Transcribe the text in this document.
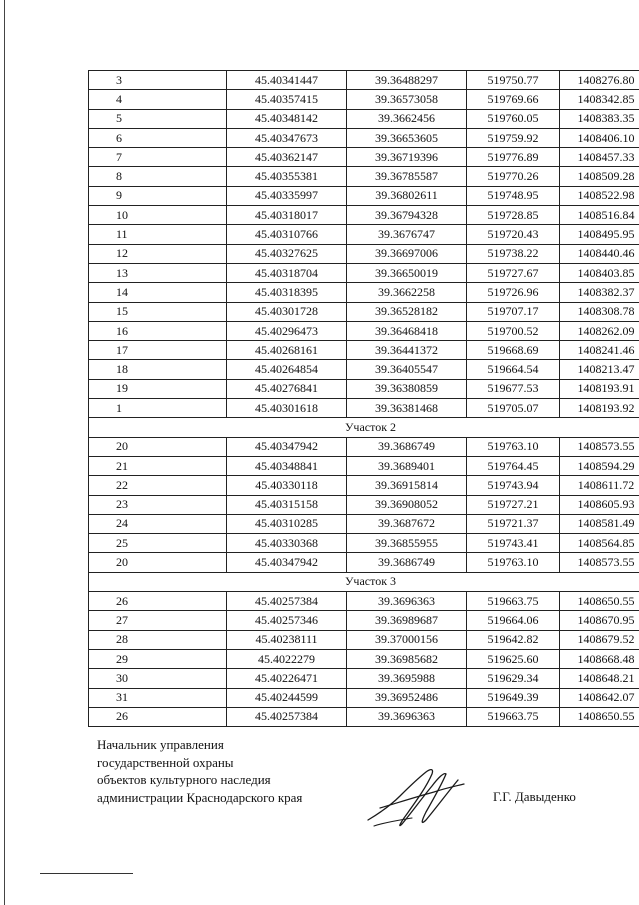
3	45.40341447	39.36488297	519750.77	1408276.80
4	45.40357415	39.36573058	519769.66	1408342.85
5	45.40348142	39.3662456	519760.05	1408383.35
6	45.40347673	39.36653605	519759.92	1408406.10
7	45.40362147	39.36719396	519776.89	1408457.33
8	45.40355381	39.36785587	519770.26	1408509.28
9	45.40335997	39.36802611	519748.95	1408522.98
10	45.40318017	39.36794328	519728.85	1408516.84
11	45.40310766	39.3676747	519720.43	1408495.95
12	45.40327625	39.36697006	519738.22	1408440.46
13	45.40318704	39.36650019	519727.67	1408403.85
14	45.40318395	39.3662258	519726.96	1408382.37
15	45.40301728	39.36528182	519707.17	1408308.78
16	45.40296473	39.36468418	519700.52	1408262.09
17	45.40268161	39.36441372	519668.69	1408241.46
18	45.40264854	39.36405547	519664.54	1408213.47
19	45.40276841	39.36380859	519677.53	1408193.91
1	45.40301618	39.36381468	519705.07	1408193.92
Участок 2				
20	45.40347942	39.3686749	519763.10	1408573.55
21	45.40348841	39.3689401	519764.45	1408594.29
22	45.40330118	39.36915814	519743.94	1408611.72
23	45.40315158	39.36908052	519727.21	1408605.93
24	45.40310285	39.3687672	519721.37	1408581.49
25	45.40330368	39.36855955	519743.41	1408564.85
20	45.40347942	39.3686749	519763.10	1408573.55
Участок 3				
26	45.40257384	39.3696363	519663.75	1408650.55
27	45.40257346	39.36989687	519664.06	1408670.95
28	45.40238111	39.37000156	519642.82	1408679.52
29	45.4022279	39.36985682	519625.60	1408668.48
30	45.40226471	39.3695988	519629.34	1408648.21
31	45.40244599	39.36952486	519649.39	1408642.07
26	45.40257384	39.3696363	519663.75	1408650.55
Начальник управления
государственной охраны
объектов культурного наследия
администрации Краснодарского края	Г.Г. Давыденко
